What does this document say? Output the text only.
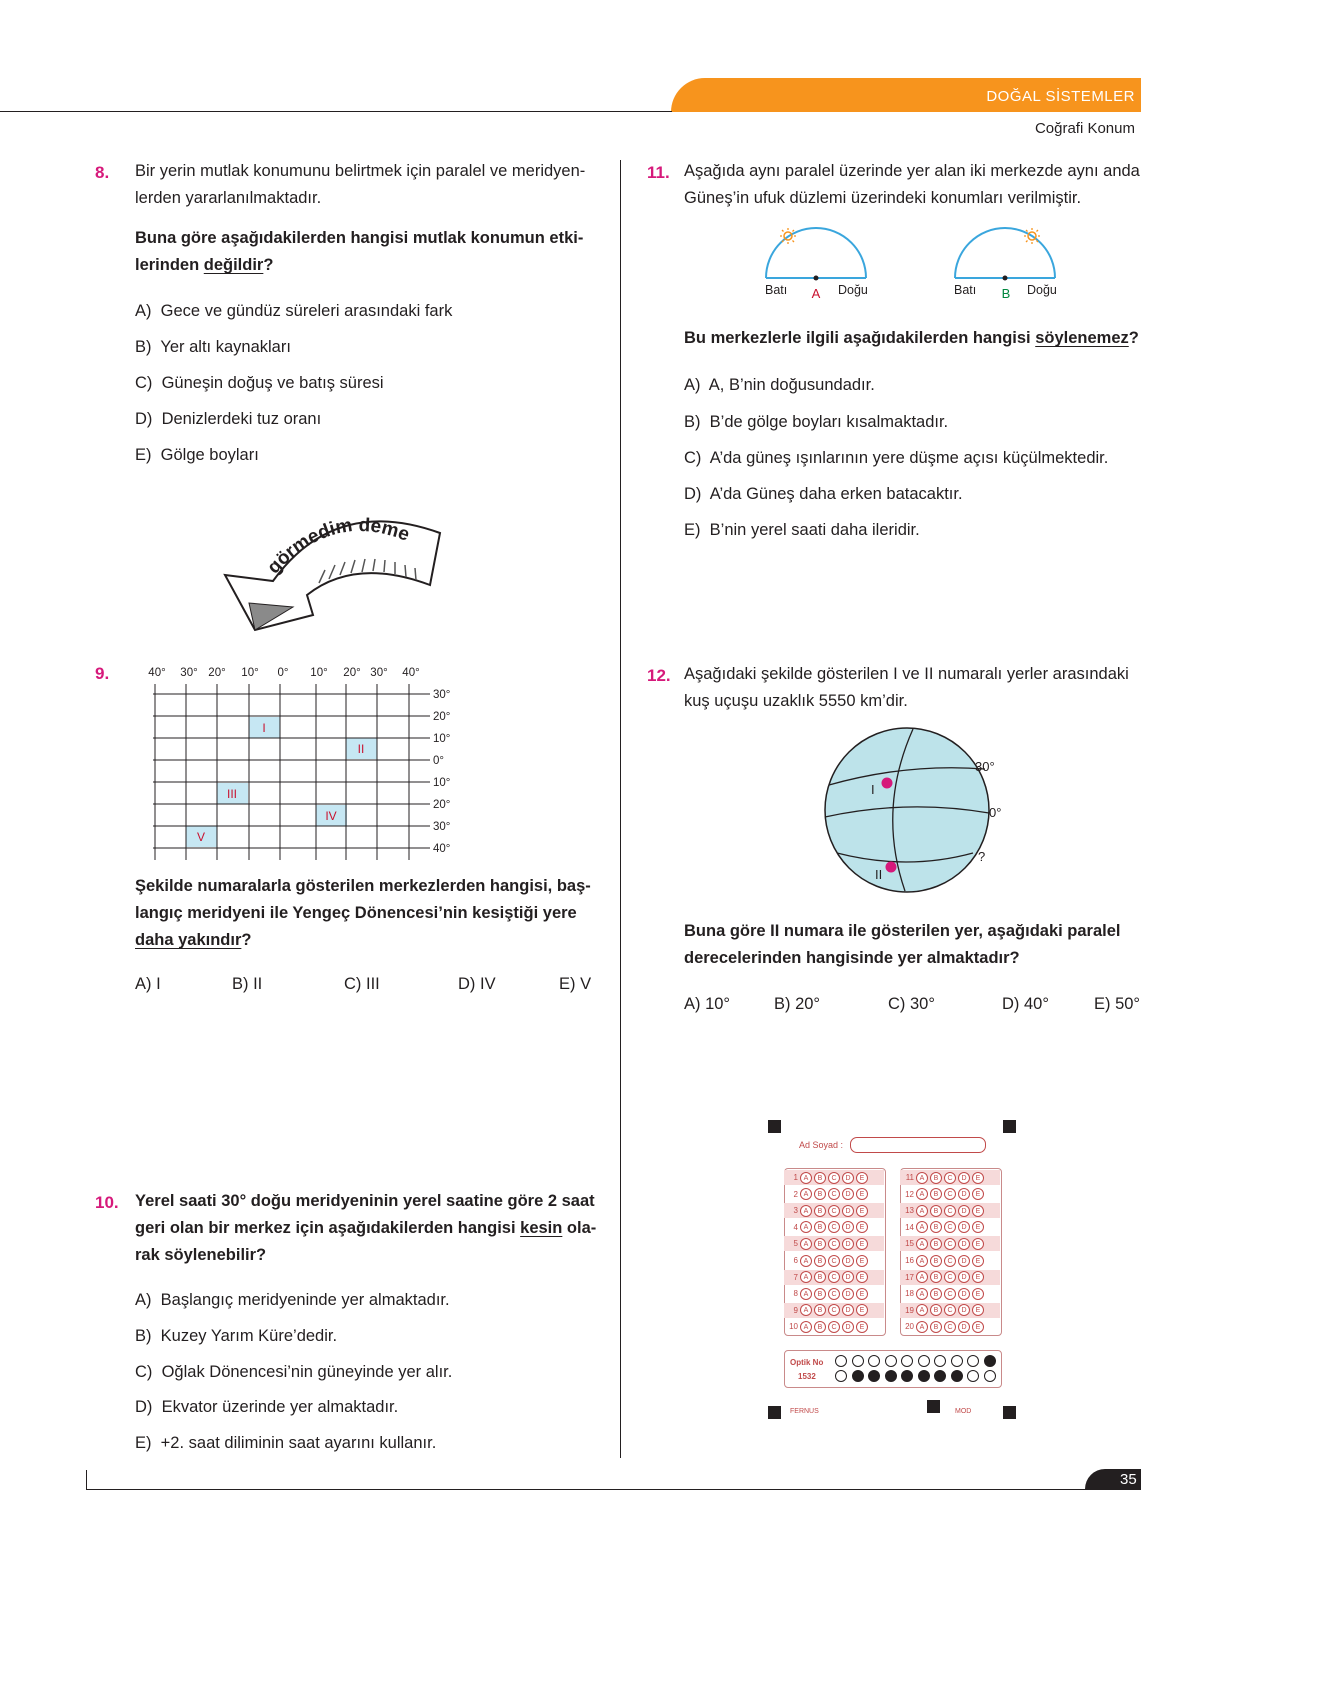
DOĞAL SİSTEMLER
Coğrafi Konum
8. Bir yerin mutlak konumunu belirtmek için paralel ve meridyen-
lerden yararlanılmaktadır.
Buna göre aşağıdakilerden hangisi mutlak konumun etki-
lerinden değildir?
A) Gece ve gündüz süreleri arasındaki fark
B) Yer altı kaynakları
C) Güneşin doğuş ve batış süresi
D) Denizlerdeki tuz oranı
E) Gölge boyları
görmedim deme
9.	40° 30° 20° 10° 0° 10° 20° 30° 40°
30°
20°
10°
0°
10°
20°
30°
40°
I
II
III
IV
V
Şekilde numaralarla gösterilen merkezlerden hangisi, baş-
langıç meridyeni ile Yengeç Dönencesi’nin kesiştiği yere
daha yakındır?
A) I	B) II	C) III	D) IV	E) V
10. Yerel saati 30° doğu meridyeninin yerel saatine göre 2 saat
geri olan bir merkez için aşağıdakilerden hangisi kesin ola-
rak söylenebilir?
A) Başlangıç meridyeninde yer almaktadır.
B) Kuzey Yarım Küre’dedir.
C) Oğlak Dönencesi’nin güneyinde yer alır.
D) Ekvator üzerinde yer almaktadır.
E) +2. saat diliminin saat ayarını kullanır.
11. Aşağıda aynı paralel üzerinde yer alan iki merkezde aynı anda
Güneş’in ufuk düzlemi üzerindeki konumları verilmiştir.
Batı A Doğu	Batı B Doğu
Bu merkezlerle ilgili aşağıdakilerden hangisi söylenemez?
A) A, B’nin doğusundadır.
B) B’de gölge boyları kısalmaktadır.
C) A’da güneş ışınlarının yere düşme açısı küçülmektedir.
D) A’da Güneş daha erken batacaktır.
E) B’nin yerel saati daha ileridir.
12. Aşağıdaki şekilde gösterilen I ve II numaralı yerler arasındaki
kuş uçuşu uzaklık 5550 km’dir.
I
II
30°
0°
?
Buna göre II numara ile gösterilen yer, aşağıdaki paralel
derecelerinden hangisinde yer almaktadır?
A) 10°	B) 20°	C) 30°	D) 40°	E) 50°
Ad Soyad :
1 A	B	C	D	E
2 A	B	C	D	E
3 A	B	C	D	E
4 A	B	C	D	E
5 A	B	C	D	E
6 A	B	C	D	E
7 A	B	C	D	E
8 A	B	C	D	E
9 A	B	C	D	E
10 A	B	C	D	E
11 A	B	C	D	E
12 A	B	C	D	E
13 A	B	C	D	E
14 A	B	C	D	E
15 A	B	C	D	E
16 A	B	C	D	E
17 A	B	C	D	E
18 A	B	C	D	E
19 A	B	C	D	E
20 A	B	C	D	E
Optik No
1532
FERNUS	MOD
35
